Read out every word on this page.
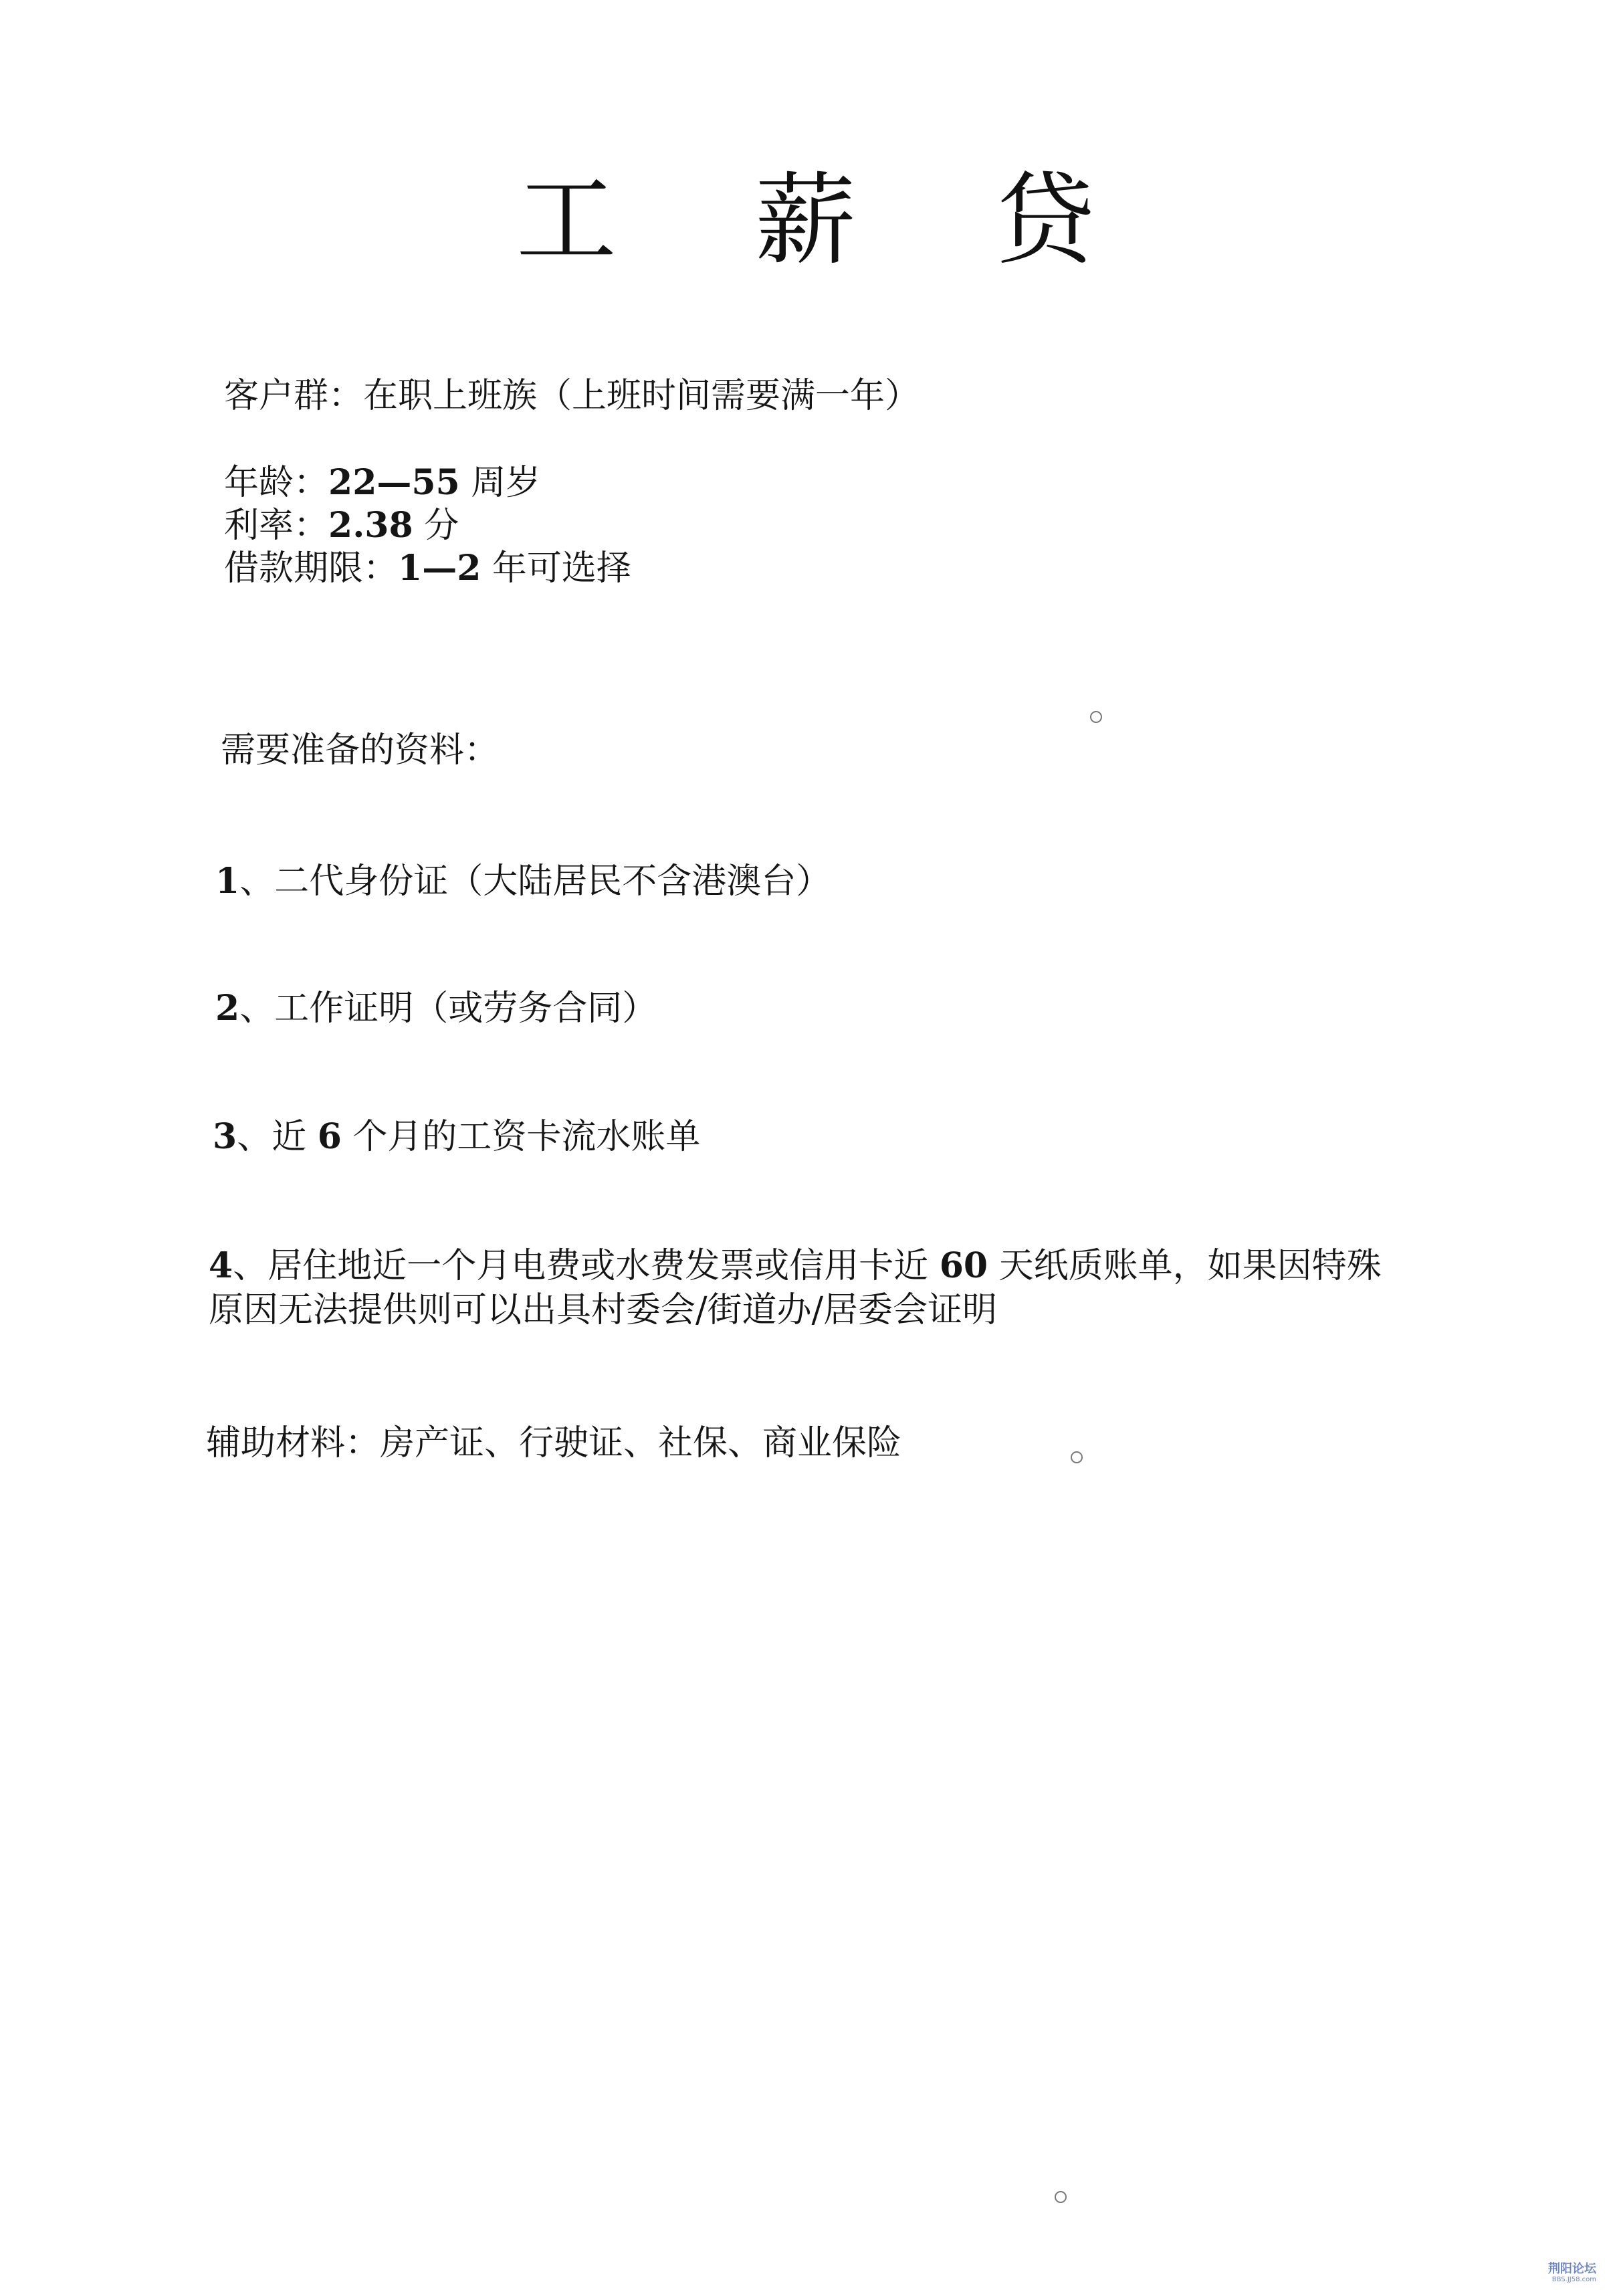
工 薪 贷
客户群：在职上班族（上班时间需要满一年）
年龄：22—55 周岁
利率：2.38 分
借款期限：1—2 年可选择
需要准备的资料：
1、二代身份证（大陆居民不含港澳台）
2、工作证明（或劳务合同）
3、近 6 个月的工资卡流水账单
4、居住地近一个月电费或水费发票或信用卡近 60 天纸质账单，如果因特殊原因无法提供则可以出具村委会/街道办/居委会证明
辅助材料：房产证、行驶证、社保、商业保险
荆阳论坛
BBS.JJ58.com
